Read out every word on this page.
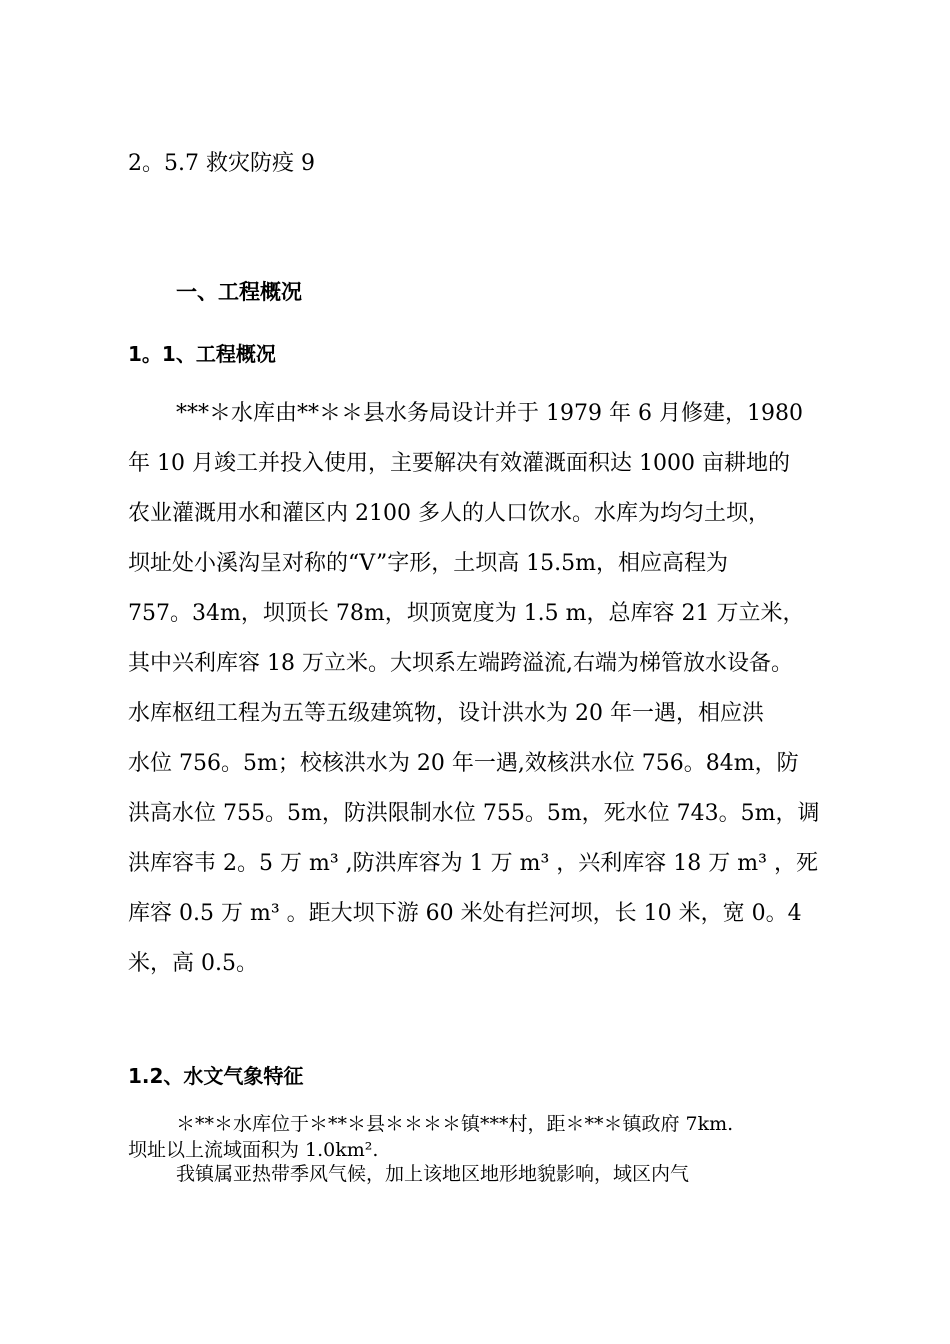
2。5.7 救灾防疫 9
一、工程概况
1。1、工程概况
***＊水库由**＊＊县水务局设计并于 1979 年 6 月修建，1980
年 10 月竣工并投入使用，主要解决有效灌溉面积达 1000 亩耕地的
农业灌溉用水和灌区内 2100 多人的人口饮水。水库为均匀土坝，
坝址处小溪沟呈对称的“V”字形，土坝高 15.5m，相应高程为
757。34m，坝顶长 78m，坝顶宽度为 1.5 m，总库容 21 万立米，
其中兴利库容 18 万立米。大坝系左端跨溢流,右端为梯管放水设备。
水库枢纽工程为五等五级建筑物，设计洪水为 20 年一遇，相应洪
水位 756。5m；校核洪水为 20 年一遇,效核洪水位 756。84m，防
洪高水位 755。5m，防洪限制水位 755。5m，死水位 743。5m，调
洪库容韦 2。5 万 m³ ,防洪库容为 1 万 m³ ，兴利库容 18 万 m³ ，死
库容 0.5 万 m³ 。距大坝下游 60 米处有拦河坝，长 10 米，宽 0。4
米，高 0.5。
1.2、水文气象特征
＊**＊水库位于＊**＊县＊＊＊＊镇***村，距＊**＊镇政府 7km.
坝址以上流域面积为 1.0km².
我镇属亚热带季风气候，加上该地区地形地貌影响，域区内气
